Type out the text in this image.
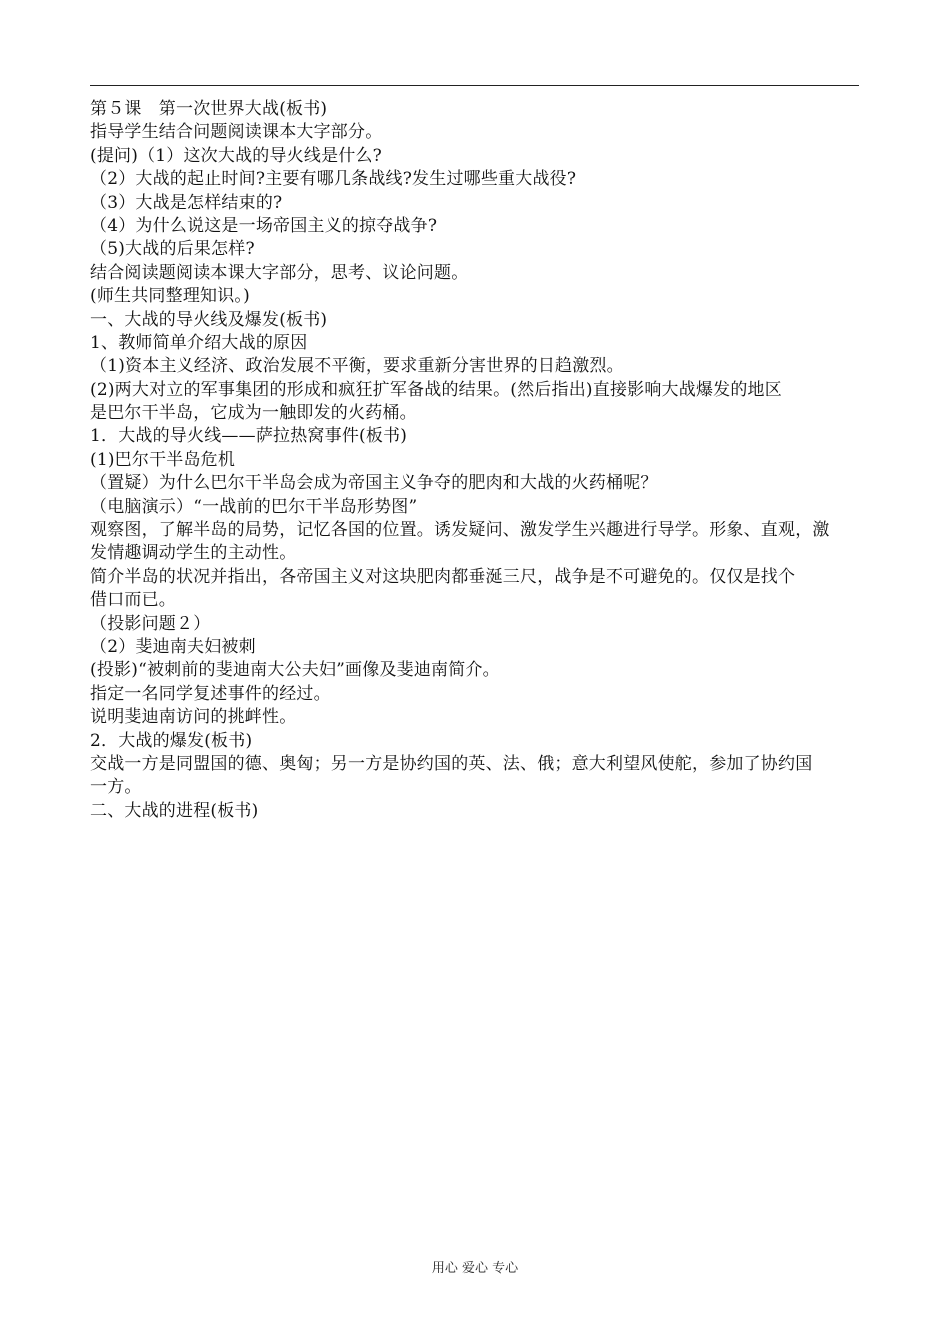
第５课　第一次世界大战(板书)
指导学生结合问题阅读课本大字部分。
(提问)（1）这次大战的导火线是什么?
（2）大战的起止时间?主要有哪几条战线?发生过哪些重大战役?
（3）大战是怎样结束的?
（4）为什么说这是一场帝国主义的掠夺战争?
（5)大战的后果怎样?
结合阅读题阅读本课大字部分，思考、议论问题。
(师生共同整理知识。)
一、大战的导火线及爆发(板书)
1、教师简单介绍大战的原因
（1)资本主义经济、政治发展不平衡，要求重新分害世界的日趋激烈。
(2)两大对立的军事集团的形成和疯狂扩军备战的结果。(然后指出)直接影响大战爆发的地区
是巴尔干半岛，它成为一触即发的火药桶。
1．大战的导火线——萨拉热窝事件(板书)
(1)巴尔干半岛危机
（置疑）为什么巴尔干半岛会成为帝国主义争夺的肥肉和大战的火药桶呢？
（电脑演示）“一战前的巴尔干半岛形势图”
观察图，了解半岛的局势，记忆各国的位置。诱发疑问、激发学生兴趣进行导学。形象、直观，激
发情趣调动学生的主动性。
简介半岛的状况并指出，各帝国主义对这块肥肉都垂涎三尺，战争是不可避免的。仅仅是找个
借口而已。
（投影问题２）
（2）斐迪南夫妇被刺
(投影)“被刺前的斐迪南大公夫妇”画像及斐迪南简介。
指定一名同学复述事件的经过。
说明斐迪南访问的挑衅性。
2．大战的爆发(板书)
交战一方是同盟国的德、奥匈；另一方是协约国的英、法、俄；意大利望风使舵，参加了协约国
一方。
二、大战的进程(板书)
用心 爱心 专心
